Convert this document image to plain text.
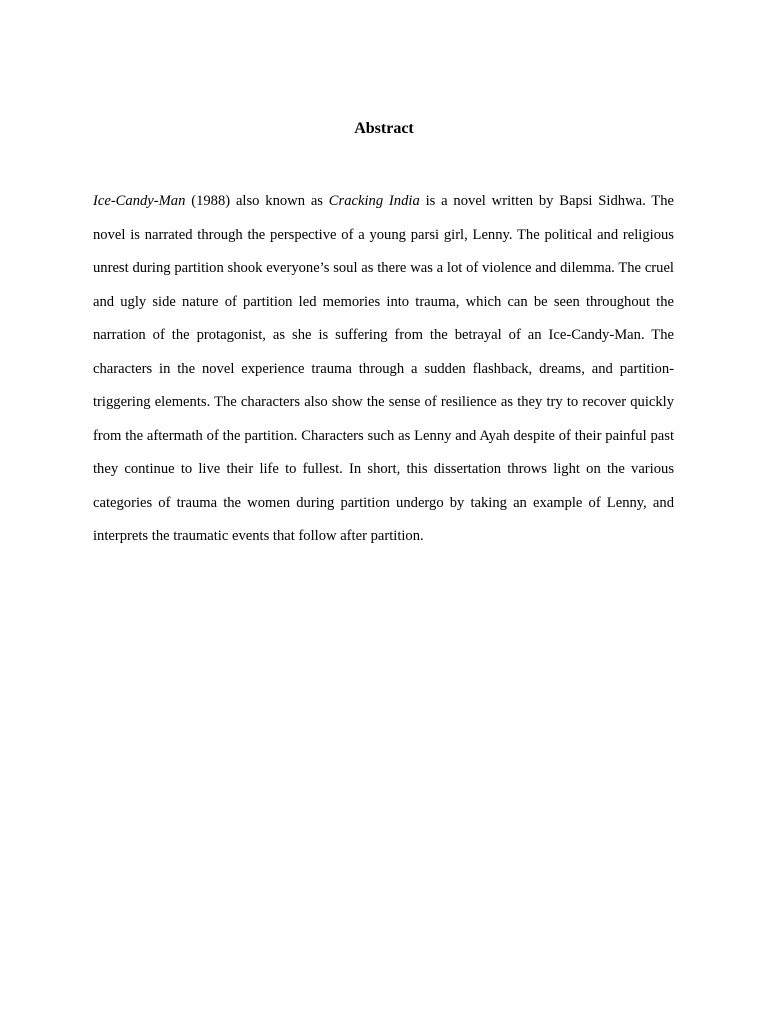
Abstract

Ice-Candy-Man (1988) also known as Cracking India is a novel written by Bapsi Sidhwa. The novel is narrated through the perspective of a young parsi girl, Lenny. The political and religious unrest during partition shook everyone’s soul as there was a lot of violence and dilemma. The cruel and ugly side nature of partition led memories into trauma, which can be seen throughout the narration of the protagonist, as she is suffering from the betrayal of an Ice-Candy-Man. The characters in the novel experience trauma through a sudden flashback, dreams, and partition-triggering elements. The characters also show the sense of resilience as they try to recover quickly from the aftermath of the partition. Characters such as Lenny and Ayah despite of their painful past they continue to live their life to fullest. In short, this dissertation throws light on the various categories of trauma the women during partition undergo by taking an example of Lenny, and interprets the traumatic events that follow after partition.
